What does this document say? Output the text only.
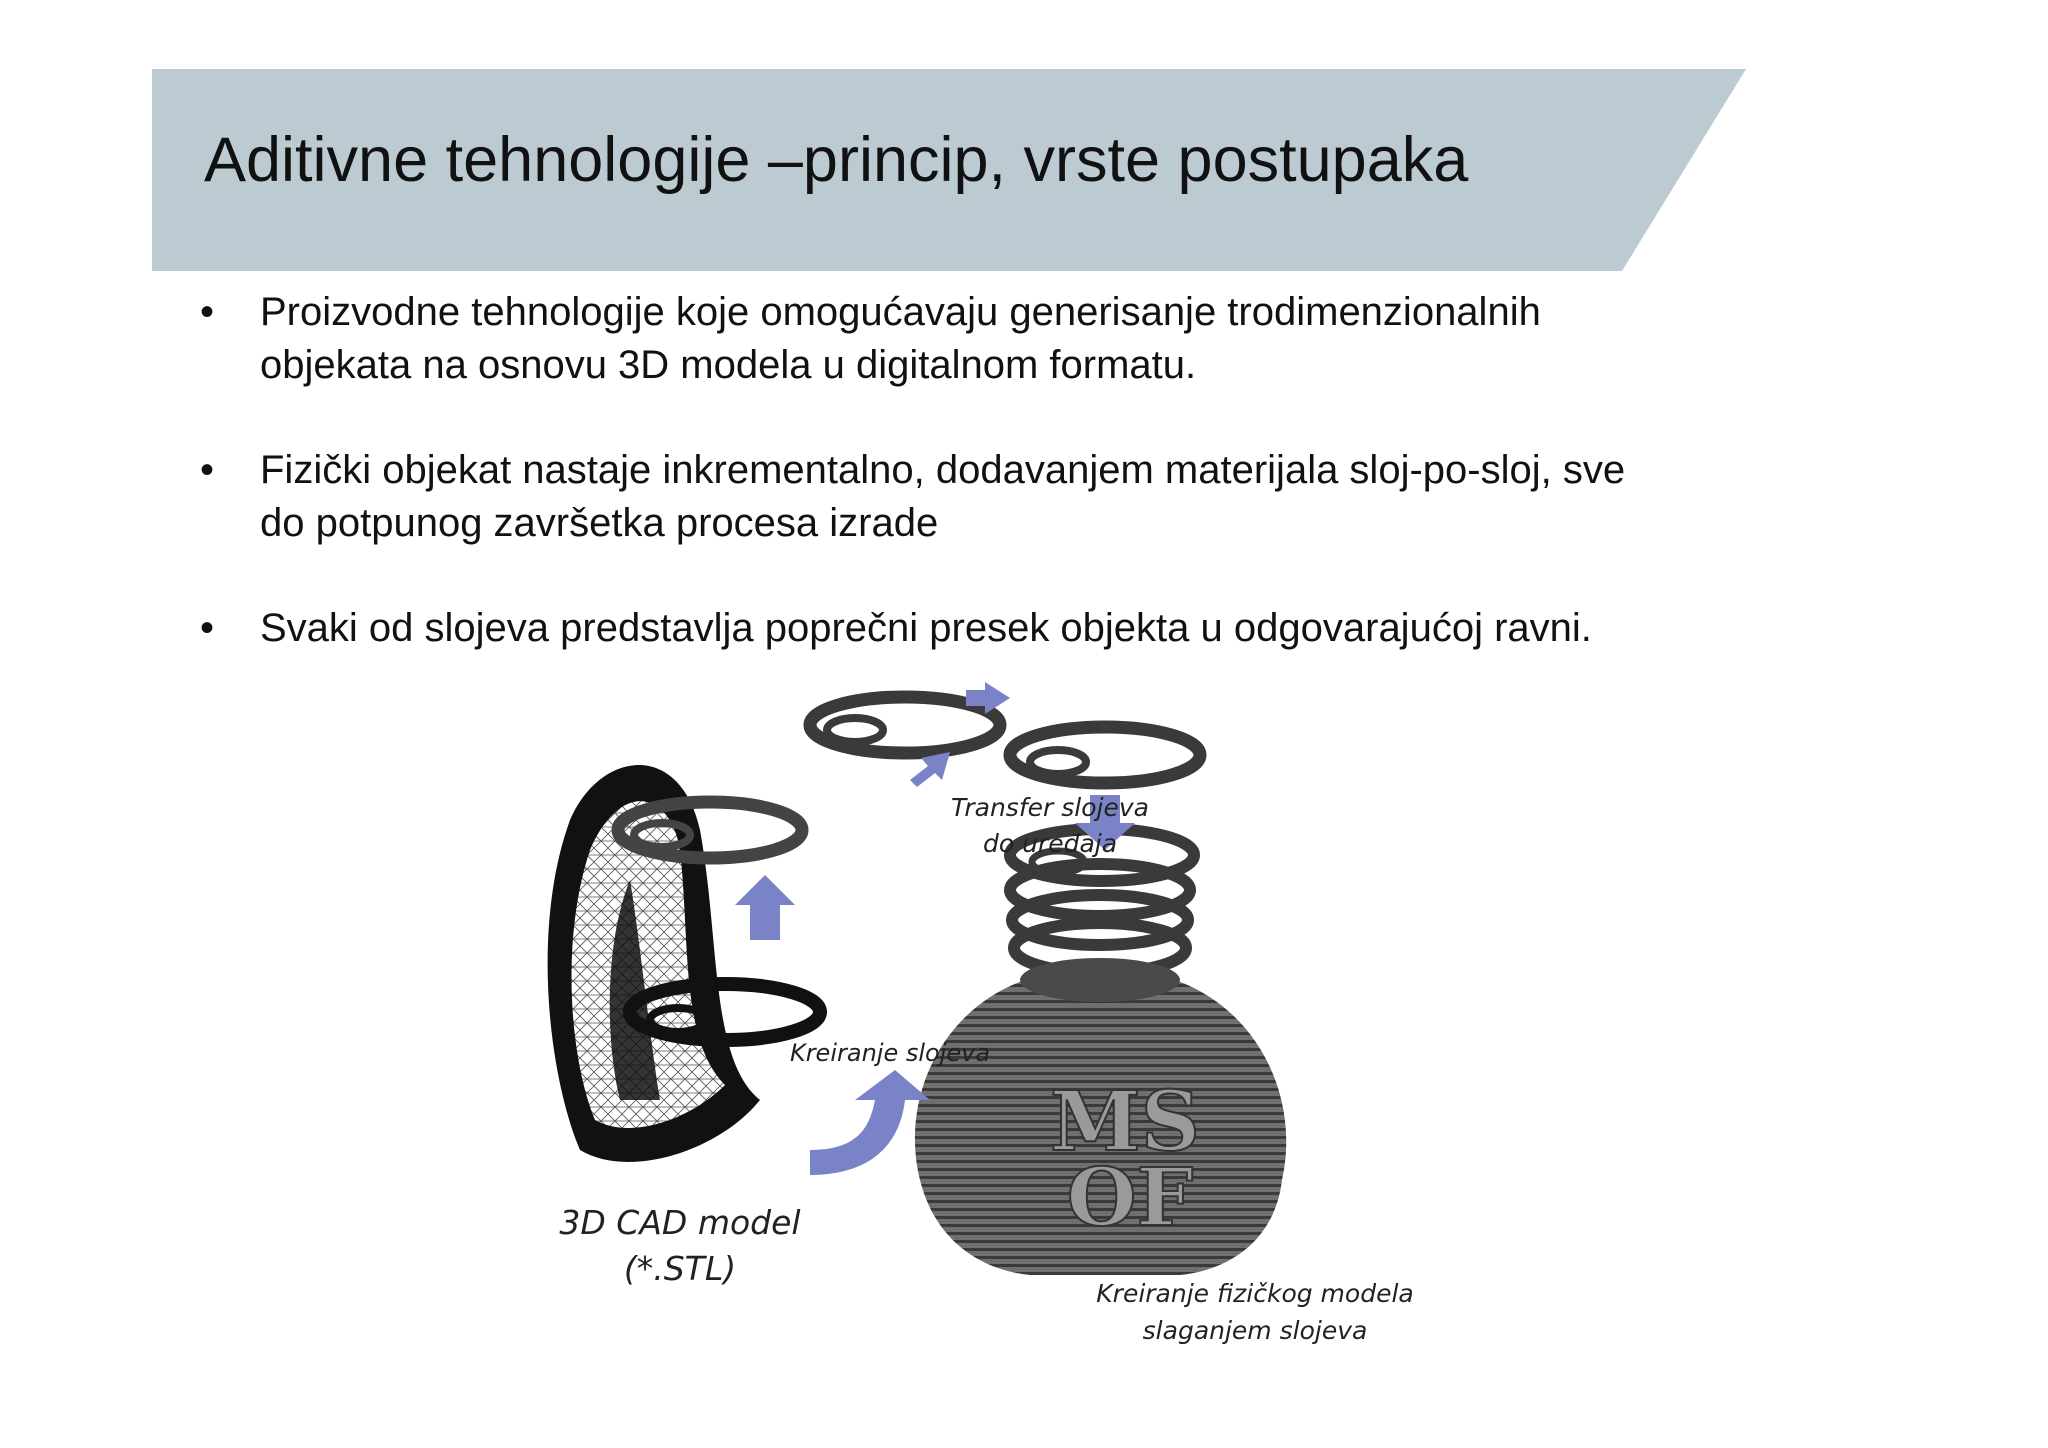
Aditivne tehnologije –princip, vrste postupaka
• Proizvodne tehnologije koje omogućavaju generisanje trodimenzionalnih
objekata na osnovu 3D modela u digitalnom formatu.
• Fizički objekat nastaje inkrementalno, dodavanjem materijala sloj-po-sloj, sve
do potpunog završetka procesa izrade
• Svaki od slojeva predstavlja poprečni presek objekta u odgovarajućoj ravni.
MS
OF
3D CAD model
(*.STL)
Kreiranje slojeva
Transfer slojeva
do uređaja
Kreiranje fizičkog modela
slaganjem slojeva
